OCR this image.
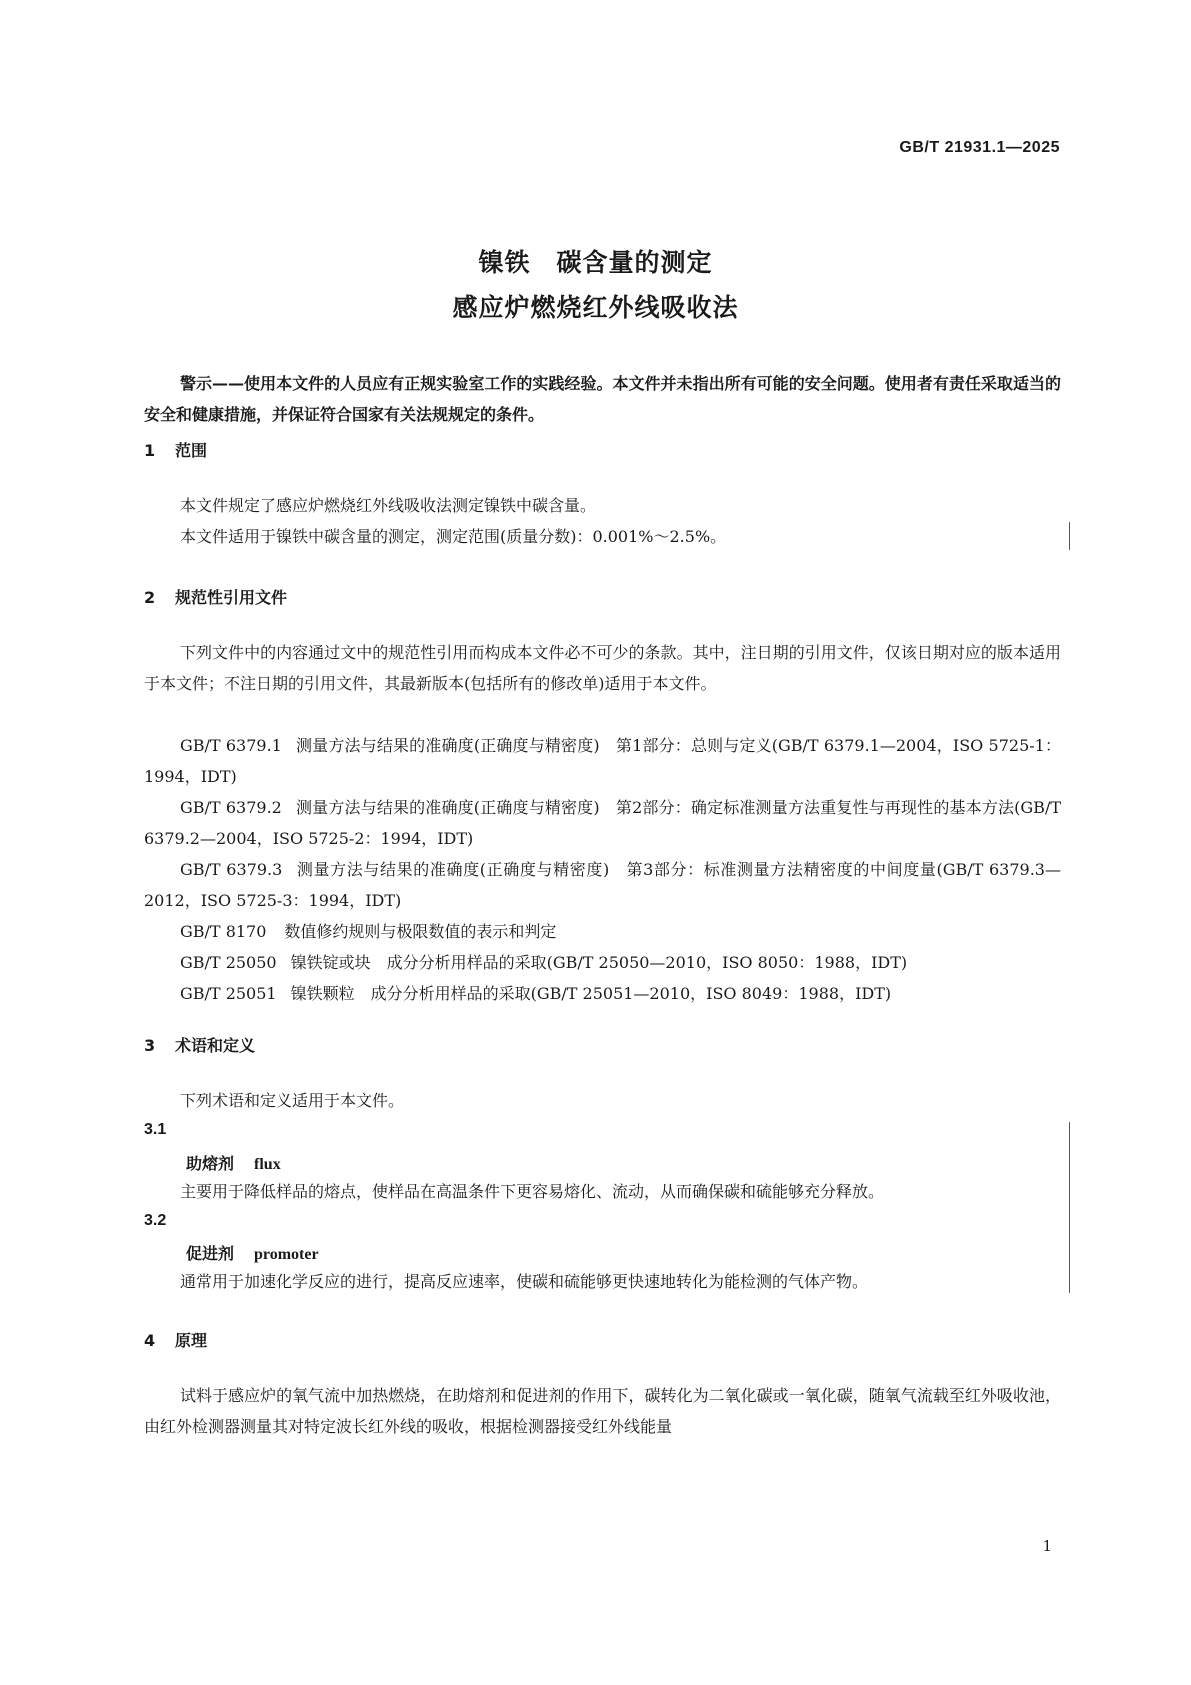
GB/T 21931.1—2025
镍铁　碳含量的测定
感应炉燃烧红外线吸收法
警示——使用本文件的人员应有正规实验室工作的实践经验。本文件并未指出所有可能的安全问题。使用者有责任采取适当的安全和健康措施，并保证符合国家有关法规规定的条件。
1 范围
本文件规定了感应炉燃烧红外线吸收法测定镍铁中碳含量。
本文件适用于镍铁中碳含量的测定，测定范围(质量分数)：0.001%～2.5%。
2 规范性引用文件
下列文件中的内容通过文中的规范性引用而构成本文件必不可少的条款。其中，注日期的引用文件，仅该日期对应的版本适用于本文件；不注日期的引用文件，其最新版本(包括所有的修改单)适用于本文件。
GB/T 6379.1 测量方法与结果的准确度(正确度与精密度)　第1部分：总则与定义(GB/T 6379.1—2004，ISO 5725-1：1994，IDT)
GB/T 6379.2 测量方法与结果的准确度(正确度与精密度)　第2部分：确定标准测量方法重复性与再现性的基本方法(GB/T 6379.2—2004，ISO 5725-2：1994，IDT)
GB/T 6379.3 测量方法与结果的准确度(正确度与精密度)　第3部分：标准测量方法精密度的中间度量(GB/T 6379.3—2012，ISO 5725-3：1994，IDT)
GB/T 8170 数值修约规则与极限数值的表示和判定
GB/T 25050 镍铁锭或块　成分分析用样品的采取(GB/T 25050—2010，ISO 8050：1988，IDT)
GB/T 25051 镍铁颗粒　成分分析用样品的采取(GB/T 25051—2010，ISO 8049：1988，IDT)
3 术语和定义
下列术语和定义适用于本文件。
3.1
助熔剂 flux
主要用于降低样品的熔点，使样品在高温条件下更容易熔化、流动，从而确保碳和硫能够充分释放。
3.2
促进剂 promoter
通常用于加速化学反应的进行，提高反应速率，使碳和硫能够更快速地转化为能检测的气体产物。
4 原理
试料于感应炉的氧气流中加热燃烧，在助熔剂和促进剂的作用下，碳转化为二氧化碳或一氧化碳，随氧气流载至红外吸收池，由红外检测器测量其对特定波长红外线的吸收，根据检测器接受红外线能量
1
